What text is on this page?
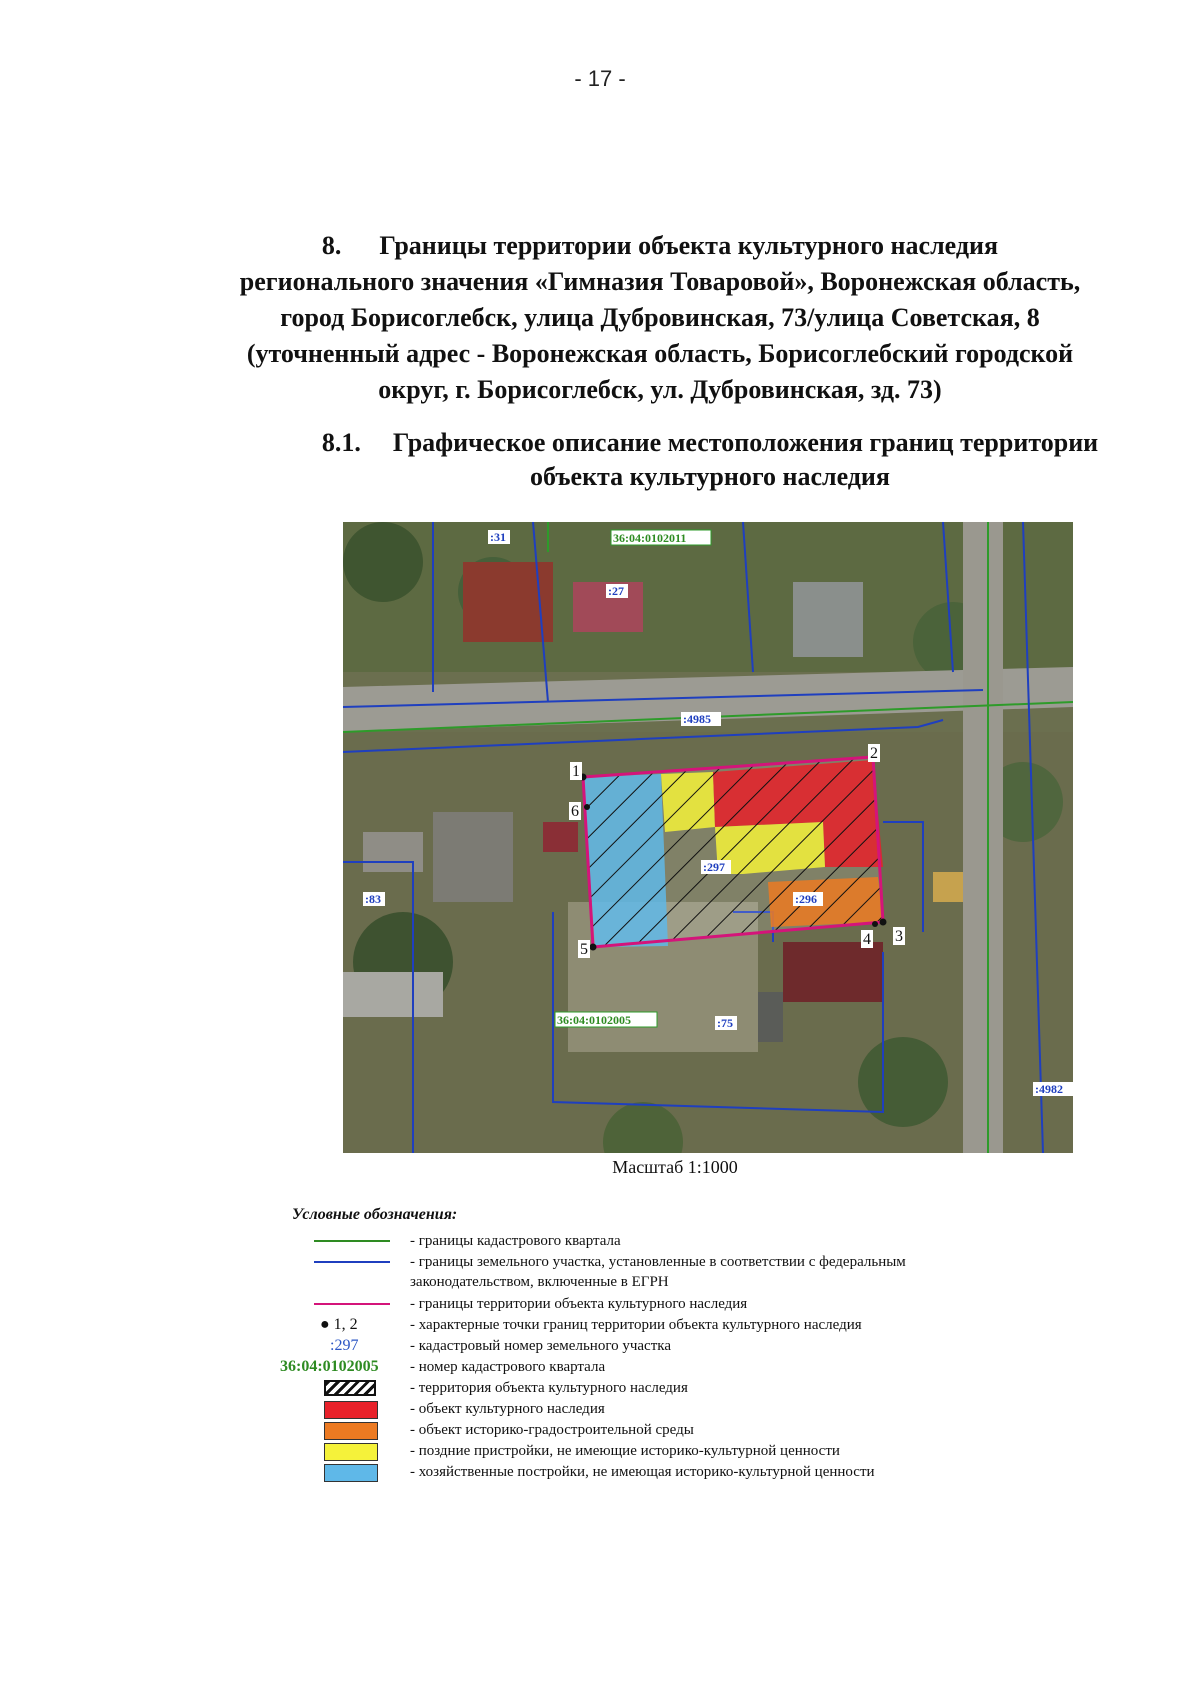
- 17 -
8. Границы территории объекта культурного наследия
регионального значения «Гимназия Товаровой», Воронежская область,
город Борисоглебск, улица Дубровинская, 73/улица Советская, 8
(уточненный адрес - Воронежская область, Борисоглебский городской
округ, г. Борисоглебск, ул. Дубровинская, зд. 73)
8.1. Графическое описание местоположения границ территории
объекта культурного наследия
1
2
3
4
5
6
:31	36:04:0102011
:27
:4985
:297
:296
:83
36:04:0102005	:75
:4982
Масштаб 1:1000
Условные обозначения:
- границы кадастрового квартала
- границы земельного участка, установленные в соответствии с федеральным законодательством, включенные в ЕГРН
- границы территории объекта культурного наследия
● 1, 2	- характерные точки границ территории объекта культурного наследия
:297	- кадастровый номер земельного участка
36:04:0102005 - номер кадастрового квартала
- территория объекта культурного наследия
- объект культурного наследия
- объект историко-градостроительной среды
- поздние пристройки, не имеющие историко-культурной ценности
- хозяйственные постройки, не имеющая историко-культурной ценности
